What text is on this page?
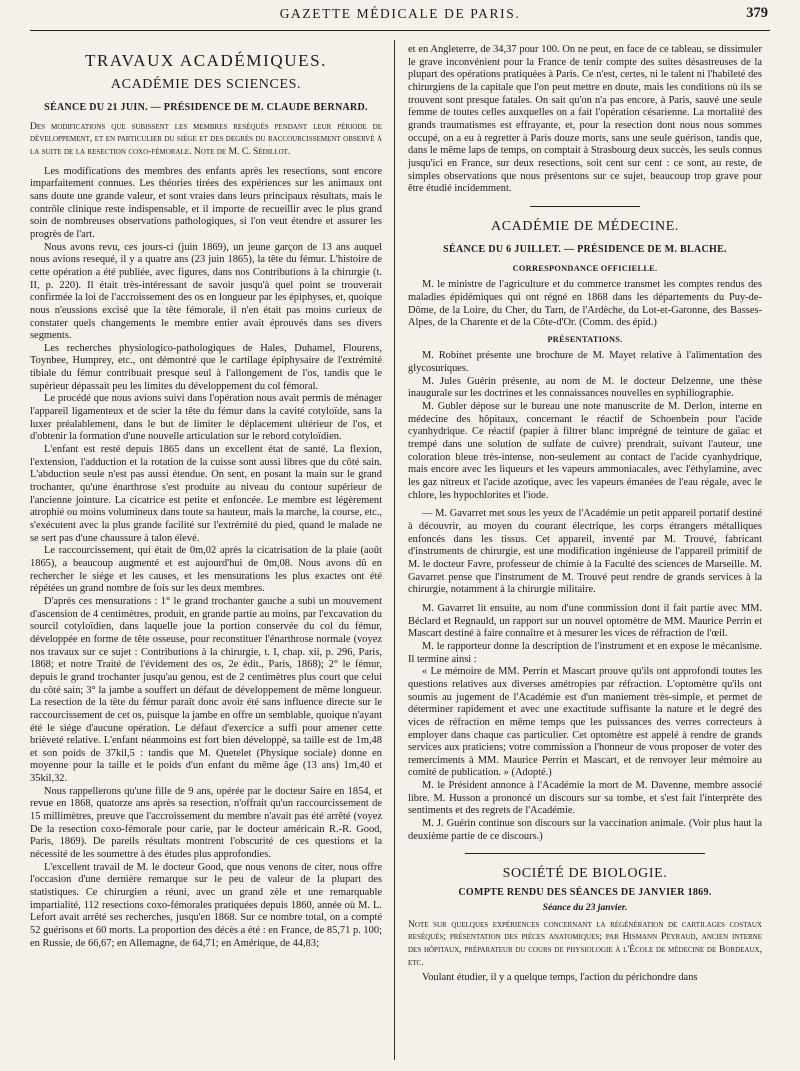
GAZETTE MÉDICALE DE PARIS.	379
TRAVAUX ACADÉMIQUES.
ACADÉMIE DES SCIENCES.
SÉANCE DU 21 JUIN. — PRÉSIDENCE DE M. CLAUDE BERNARD.

Des modifications que subissent les membres reséqués pendant leur période de développement, et en particulier du siége et des degrés du raccourcissement observé à la suite de la resection coxo-fémorale. Note de M. C. Sédillot.

Les modifications des membres des enfants après les resections, sont encore imparfaitement connues. Les théories tirées des expériences sur les animaux ont sans doute une grande valeur, et sont vraies dans leurs principaux résultats, mais le contrôle clinique reste indispensable, et il importe de recueillir avec le plus grand soin de nombreuses observations pathologiques, si l'on veut étendre et assurer les progrès de l'art.

Nous avons revu, ces jours-ci (juin 1869), un jeune garçon de 13 ans auquel nous avions resequé, il y a quatre ans (23 juin 1865), la tête du fémur. L'histoire de cette opération a été publiée, avec figures, dans nos Contributions à la chirurgie (t. II, p. 220). Il était très-intéressant de savoir jusqu'à quel point se trouverait confirmée la loi de l'accroissement des os en longueur par les épiphyses, et, quoique nous n'eussions excisé que la tête fémorale, il n'en était pas moins curieux de constater quels changements le membre entier avait éprouvés dans ses divers segments.

Les recherches physiologico-pathologiques de Hales, Duhamel, Flourens, Toynbee, Humprey, etc., ont démontré que le cartilage épiphysaire de l'extrémité tibiale du fémur contribuait presque seul à l'allongement de l'os, tandis que le supérieur dépassait peu les limites du développement du col fémoral.

Le procédé que nous avions suivi dans l'opération nous avait permis de ménager l'appareil ligamenteux et de scier la tête du fémur dans la cavité cotyloïde, sans la luxer préalablement, dans le but de limiter le déplacement ultérieur de l'os, et d'obtenir la formation d'une nouvelle articulation sur le rebord cotyloïdien.

L'enfant est resté depuis 1865 dans un excellent état de santé. La flexion, l'extension, l'adduction et la rotation de la cuisse sont aussi libres que du côté sain. L'abduction seule n'est pas aussi étendue. On sent, en posant la main sur le grand trochanter, qu'une énarthrose s'est produite au niveau du contour supérieur de l'ancienne jointure. La cicatrice est petite et enfoncée. Le membre est légèrement atrophié ou moins volumineux dans toute sa hauteur, mais la marche, la course, etc., s'exécutent avec la plus grande facilité sur l'extrémité du pied, quand le malade ne se sert pas d'une chaussure à talon élevé.

Le raccourcissement, qui était de 0m,02 après la cicatrisation de la plaie (août 1865), a beaucoup augmenté et est aujourd'hui de 0m,08. Nous avons dû en rechercher le siége et les causes, et les mensurations les plus exactes ont été répétées un grand nombre de fois sur les deux membres.

D'après ces mensurations : 1° le grand trochanter gauche a subi un mouvement d'ascension de 4 centimètres, produit, en grande partie au moins, par l'excavation du sourcil cotyloïdien, dans laquelle joue la portion conservée du col du fémur, développée en forme de tête osseuse, pour reconstituer l'énarthrose normale (voyez nos travaux sur ce sujet : Contributions à la chirurgie, t. I, chap. xii, p. 296, Paris, 1868; et notre Traité de l'évidement des os, 2e édit., Paris, 1868); 2° le fémur, depuis le grand trochanter jusqu'au genou, est de 2 centimètres plus court que celui du côté sain; 3° la jambe a souffert un défaut de développement de même longueur. La resection de la tête du fémur paraît donc avoir été sans influence directe sur le raccourcissement de cet os, puisque la jambe en offre un semblable, quoique n'ayant été le siége d'aucune opération. Le défaut d'exercice a suffi pour amener cette brièveté relative. L'enfant néanmoins est fort bien développé, sa taille est de 1m,48 et son poids de 37kil,5 : tandis que M. Quetelet (Physique sociale) donne en moyenne pour la taille et le poids d'un enfant du même âge (13 ans) 1m,40 et 35kil,32.

Nous rappellerons qu'une fille de 9 ans, opérée par le docteur Saire en 1854, et revue en 1868, quatorze ans après sa resection, n'offrait qu'un raccourcissement de 15 millimètres, preuve que l'accroissement du membre n'avait pas été arrêté (voyez De la resection coxo-fémorale pour carie, par le docteur américain R.-R. Good, Paris, 1869). De pareils résultats montrent l'obscurité de ces questions et la nécessité de les soumettre à des études plus approfondies.

L'excellent travail de M. le docteur Good, que nous venons de citer, nous offre l'occasion d'une dernière remarque sur le peu de valeur de la plupart des statistiques. Ce chirurgien a réuni, avec un grand zèle et une remarquable impartialité, 112 resections coxo-fémorales pratiquées depuis 1860, année où M. L. Lefort avait arrêté ses recherches, jusqu'en 1868. Sur ce nombre total, on a compté 52 guérisons et 60 morts. La proportion des décès a été : en France, de 85,71 p. 100; en Russie, de 66,67; en Allemagne, de 64,71; en Amérique, de 44,83;

et en Angleterre, de 34,37 pour 100. On ne peut, en face de ce tableau, se dissimuler le grave inconvénient pour la France de tenir compte des suites désastreuses de la plupart des opérations pratiquées à Paris. Ce n'est, certes, ni le talent ni l'habileté des chirurgiens de la capitale que l'on peut mettre en doute, mais les conditions où ils se trouvent sont presque fatales. On sait qu'on n'a pas encore, à Paris, sauvé une seule femme de toutes celles auxquelles on a fait l'opération césarienne. La mortalité des grands traumatismes est effrayante, et, pour la resection dont nous nous sommes occupé, on a eu à regretter à Paris douze morts, sans une seule guérison, tandis que, dans le même laps de temps, on comptait à Strasbourg deux succès, les seuls connus jusqu'ici en France, sur deux resections, soit cent sur cent : ce sont, au reste, de simples observations que nous présentons sur ce sujet, beaucoup trop grave pour être étudié incidemment.

ACADÉMIE DE MÉDECINE.
SÉANCE DU 6 JUILLET. — PRÉSIDENCE DE M. BLACHE.
CORRESPONDANCE OFFICIELLE.

M. le ministre de l'agriculture et du commerce transmet les comptes rendus des maladies épidémiques qui ont régné en 1868 dans les départements du Puy-de-Dôme, de la Loire, du Cher, du Tarn, de l'Ardèche, du Lot-et-Garonne, des Basses-Alpes, de la Charente et de la Côte-d'Or. (Comm. des épid.)

PRÉSENTATIONS.

M. Robinet présente une brochure de M. Mayet relative à l'alimentation des glycosuriques.

M. Jules Guérin présente, au nom de M. le docteur Delzenne, une thèse inaugurale sur les doctrines et les connaissances nouvelles en syphiliographie.

M. Gubler dépose sur le bureau une note manuscrite de M. Derlon, interne en médecine des hôpitaux, concernant le réactif de Schoenbein pour l'acide cyanhydrique. Ce réactif (papier à filtrer blanc imprégné de teinture de gaïac et trempé dans une solution de sulfate de cuivre) prendrait, suivant l'auteur, une coloration bleue très-intense, non-seulement au contact de l'acide cyanhydrique, mais encore avec les liqueurs et les vapeurs ammoniacales, avec l'éthylamine, avec les gaz nitreux et l'acide azotique, avec les vapeurs émanées de l'eau régale, avec le chlore, les hypochlorites et l'iode.

— M. Gavarret met sous les yeux de l'Académie un petit appareil portatif destiné à découvrir, au moyen du courant électrique, les corps étrangers métalliques enfoncés dans les tissus. Cet appareil, inventé par M. Trouvé, fabricant d'instruments de chirurgie, est une modification ingénieuse de l'appareil primitif de M. le docteur Favre, professeur de chimie à la Faculté des sciences de Marseille. M. Gavarret pense que l'instrument de M. Trouvé peut rendre de grands services à la chirurgie, notamment à la chirurgie militaire.

M. Gavarret lit ensuite, au nom d'une commission dont il fait partie avec MM. Béclard et Regnauld, un rapport sur un nouvel optomètre de MM. Maurice Perrin et Mascart destiné à faire connaître et à mesurer les vices de réfraction de l'œil.

M. le rapporteur donne la description de l'instrument et en expose le mécanisme. Il termine ainsi :

« Le mémoire de MM. Perrin et Mascart prouve qu'ils ont approfondi toutes les questions relatives aux diverses amétropies par réfraction. L'optomètre qu'ils ont soumis au jugement de l'Académie est d'un maniement très-simple, et permet de déterminer rapidement et avec une exactitude suffisante la nature et le degré des vices de réfraction en même temps que les puissances des verres correcteurs à employer dans chaque cas particulier. Cet optomètre est appelé à rendre de grands services aux praticiens; votre commission a l'honneur de vous proposer de voter des remerciments à MM. Maurice Perrin et Mascart, et de renvoyer leur mémoire au comité de publication. » (Adopté.)

M. le Président annonce à l'Académie la mort de M. Davenne, membre associé libre. M. Husson a prononcé un discours sur sa tombe, et s'est fait l'interprète des sentiments et des regrets de l'Académie.

M. J. Guérin continue son discours sur la vaccination animale. (Voir plus haut la deuxième partie de ce discours.)

SOCIÉTÉ DE BIOLOGIE.
COMPTE RENDU DES SÉANCES DE JANVIER 1869.
Séance du 23 janvier.

Note sur quelques expériences concernant la régénération de cartilages costaux reséqués; présentation des pièces anatomiques; par Hismann Peyraud, ancien interne des hôpitaux, préparateur du cours de physiologie à l'École de médecine de Bordeaux, etc.

Voulant étudier, il y a quelque temps, l'action du périchondre dans
